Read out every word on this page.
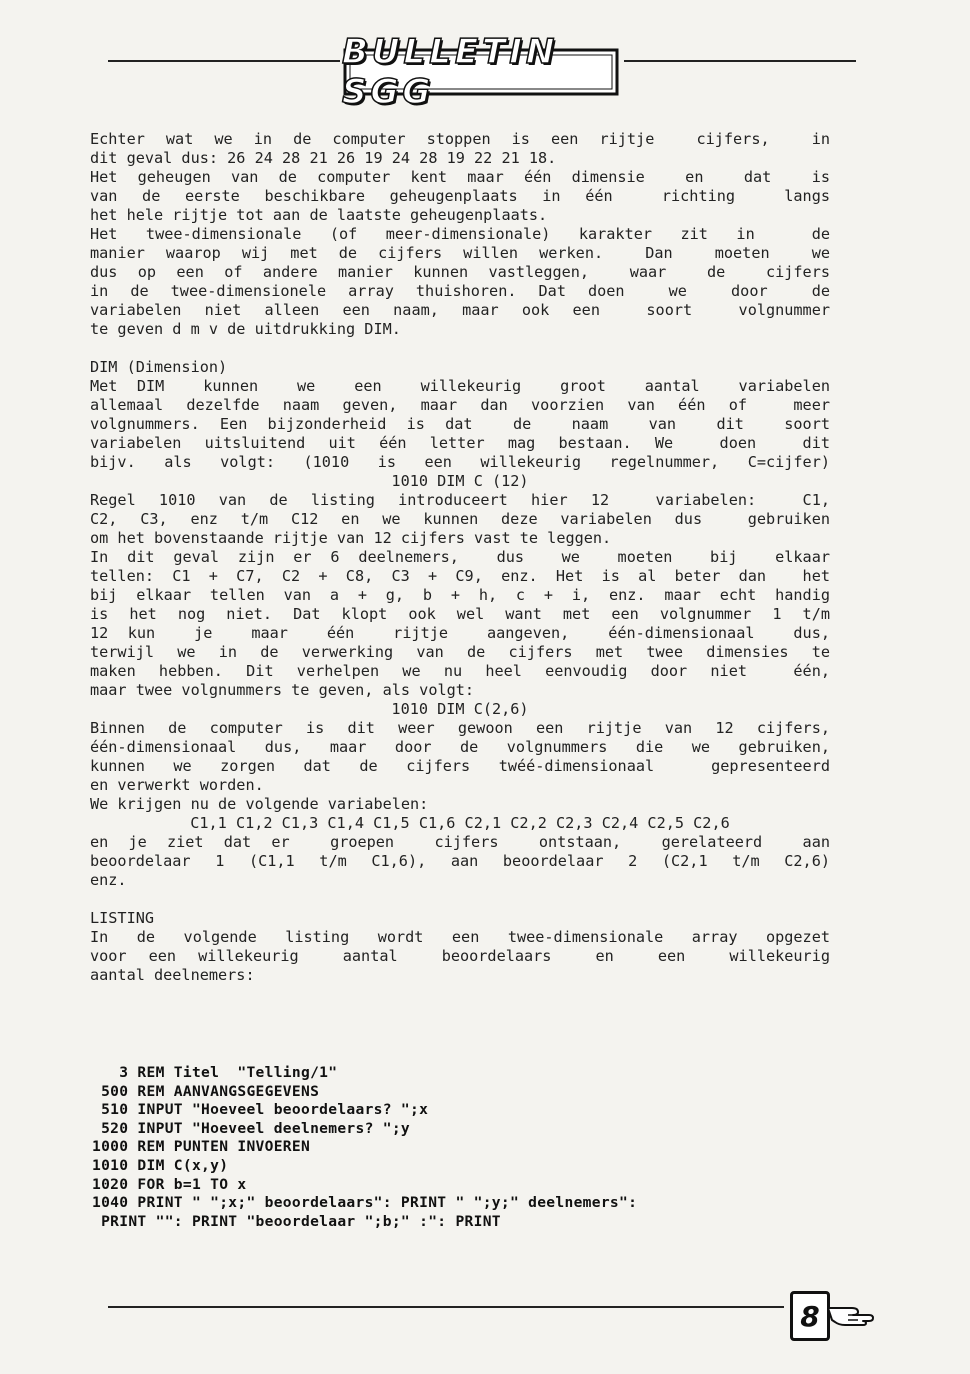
BULLETIN SGG
Echter wat we in de computer stoppen is een rijtje  cijfers,  in
dit geval dus: 26 24 28 21 26 19 24 28 19 22 21 18.
Het geheugen van de computer kent maar één dimensie  en  dat  is
van de eerste beschikbare geheugenplaats in één  richting  langs
het hele rijtje tot aan de laatste geheugenplaats.
Het twee-dimensionale (of meer-dimensionale) karakter zit in  de
manier waarop wij met de cijfers willen werken.  Dan  moeten  we
dus op een of andere manier kunnen vastleggen,  waar  de  cijfers
in de twee-dimensionele array thuishoren. Dat doen  we  door  de
variabelen niet alleen een naam, maar ook een  soort  volgnummer
te geven d m v de uitdrukking DIM.
DIM (Dimension)
Met DIM  kunnen  we  een  willekeurig  groot  aantal  variabelen
allemaal dezelfde naam geven, maar dan voorzien van één of  meer
volgnummers. Een bijzonderheid is dat  de  naam  van  dit  soort
variabelen uitsluitend uit één letter mag bestaan. We  doen  dit
bijv. als volgt: (1010 is een willekeurig regelnummer, C=cijfer)
1010 DIM C (12)
Regel 1010 van de listing introduceert hier 12  variabelen:  C1,
C2, C3, enz t/m C12 en we kunnen deze variabelen dus  gebruiken
om het bovenstaande rijtje van 12 cijfers vast te leggen.
In dit geval zijn er 6 deelnemers,  dus  we  moeten  bij  elkaar
tellen: C1 + C7, C2 + C8, C3 + C9, enz. Het is al beter dan  het
bij elkaar tellen van a + g, b + h, c + i, enz. maar echt handig
is het nog niet. Dat klopt ook wel want met een volgnummer 1 t/m
12 kun  je  maar  één  rijtje  aangeven,  één-dimensionaal  dus,
terwijl we in de verwerking van de cijfers met twee dimensies te
maken hebben. Dit verhelpen we nu heel eenvoudig door niet  één,
maar twee volgnummers te geven, als volgt:
1010 DIM C(2,6)
Binnen de computer is dit weer gewoon een rijtje van 12 cijfers,
één-dimensionaal dus, maar door de volgnummers die we gebruiken,
kunnen we zorgen dat de cijfers twéé-dimensionaal  gepresenteerd
en verwerkt worden.
We krijgen nu de volgende variabelen:
C1,1 C1,2 C1,3 C1,4 C1,5 C1,6 C2,1 C2,2 C2,3 C2,4 C2,5 C2,6
en je ziet dat er  groepen  cijfers  ontstaan,  gerelateerd  aan
beoordelaar 1 (C1,1 t/m C1,6), aan beoordelaar 2 (C2,1 t/m C2,6)
enz.
LISTING
In de volgende listing wordt een twee-dimensionale array opgezet
voor een willekeurig  aantal  beoordelaars  en  een  willekeurig
aantal deelnemers:
3 REM Titel  "Telling/1"
500 REM AANVANGSGEGEVENS
510 INPUT "Hoeveel beoordelaars? ";x
520 INPUT "Hoeveel deelnemers? ";y
1000 REM PUNTEN INVOEREN
1010 DIM C(x,y)
1020 FOR b=1 TO x
1040 PRINT " ";x;" beoordelaars": PRINT " ";y;" deelnemers":
PRINT "": PRINT "beoordelaar ";b;" :": PRINT
8
